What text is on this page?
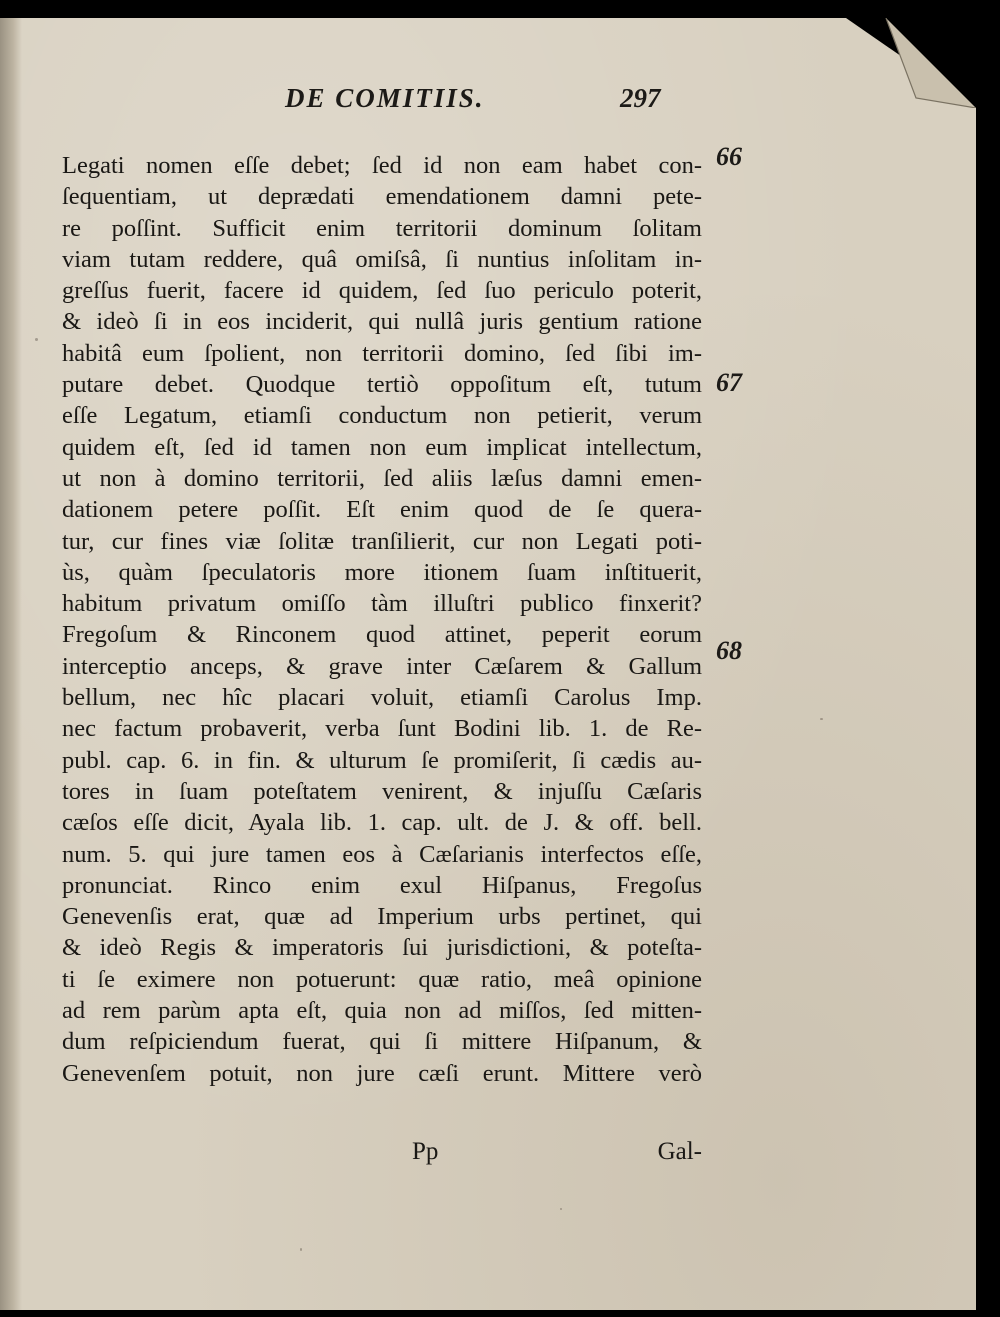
DE COMITIIS.	297
Legati nomen eſſe debet; ſed id non eam habet con-
ſequentiam, ut deprædati emendationem damni pete-
re poſſint. Sufficit enim territorii dominum ſolitam
viam tutam reddere, quâ omiſsâ, ſi nuntius inſolitam in-
greſſus fuerit, facere id quidem, ſed ſuo periculo poterit,
& ideò ſi in eos inciderit, qui nullâ juris gentium ratione
habitâ eum ſpolient, non territorii domino, ſed ſibi im-
putare debet. Quodque tertiò oppoſitum eſt, tutum
eſſe Legatum, etiamſi conductum non petierit, verum
quidem eſt, ſed id tamen non eum implicat intellectum,
ut non à domino territorii, ſed aliis læſus damni emen-
dationem petere poſſit. Eſt enim quod de ſe quera-
tur, cur fines viæ ſolitæ tranſilierit, cur non Legati poti-
ùs, quàm ſpeculatoris more itionem ſuam inſtituerit,
habitum privatum omiſſo tàm illuſtri publico finxerit?
Fregoſum & Rinconem quod attinet, peperit eorum
interceptio anceps, & grave inter Cæſarem & Gallum
bellum, nec hîc placari voluit, etiamſi Carolus Imp.
nec factum probaverit, verba ſunt Bodini lib. 1. de Re-
publ. cap. 6. in fin. & ulturum ſe promiſerit, ſi cædis au-
tores in ſuam poteſtatem venirent, & injuſſu Cæſaris
cæſos eſſe dicit, Ayala lib. 1. cap. ult. de J. & off. bell.
num. 5. qui jure tamen eos à Cæſarianis interfectos eſſe,
pronunciat. Rinco enim exul Hiſpanus, Fregoſus
Genevenſis erat, quæ ad Imperium urbs pertinet, qui
& ideò Regis & imperatoris ſui jurisdictioni, & poteſta-
ti ſe eximere non potuerunt: quæ ratio, meâ opinione
ad rem parùm apta eſt, quia non ad miſſos, ſed mitten-
dum reſpiciendum fuerat, qui ſi mittere Hiſpanum, &
Genevenſem potuit, non jure cæſi erunt. Mittere verò
66
67
68
Pp	Gal-
